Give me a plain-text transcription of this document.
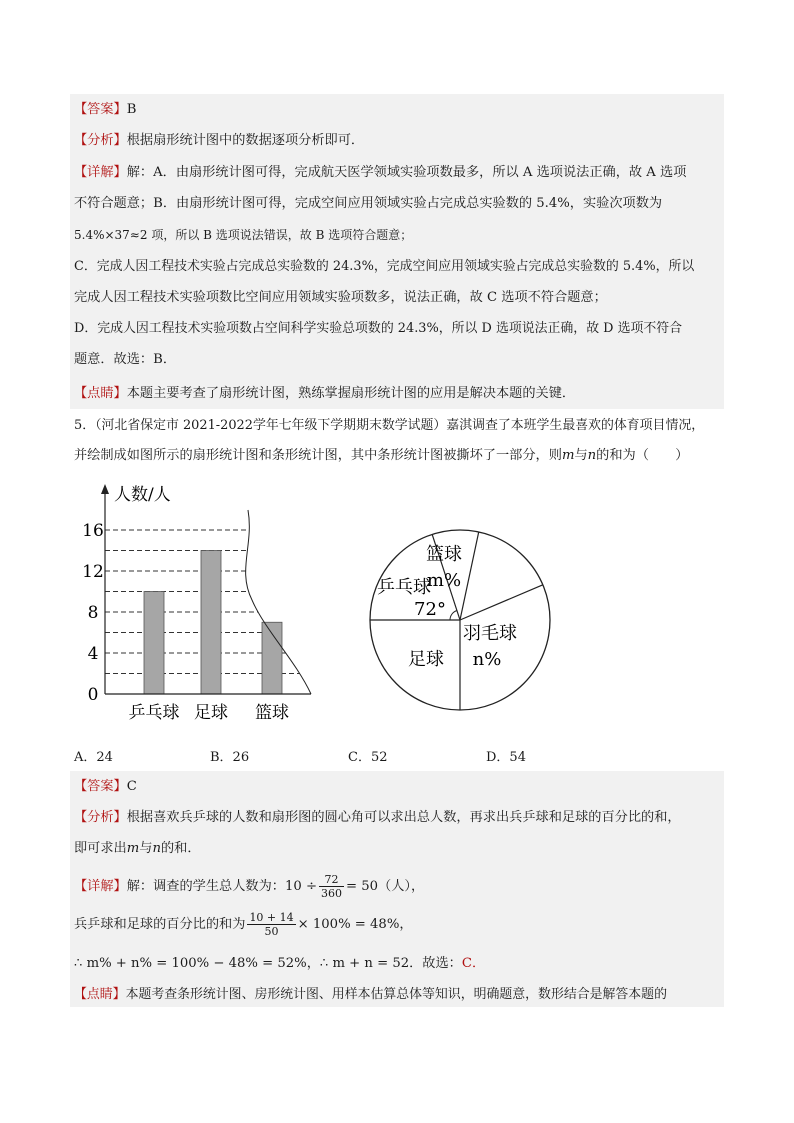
【答案】B
【分析】根据扇形统计图中的数据逐项分析即可．
【详解】解：A．由扇形统计图可得，完成航天医学领域实验项数最多，所以 A 选项说法正确，故 A 选项
不符合题意；B．由扇形统计图可得，完成空间应用领域实验占完成总实验数的 5.4%，实验次项数为
5.4%×37≈2 项，所以 B 选项说法错误，故 B 选项符合题意；
C．完成人因工程技术实验占完成总实验数的 24.3%，完成空间应用领域实验占完成总实验数的 5.4%，所以
完成人因工程技术实验项数比空间应用领域实验项数多，说法正确，故 C 选项不符合题意；
D．完成人因工程技术实验项数占空间科学实验总项数的 24.3%，所以 D 选项说法正确，故 D 选项不符合
题意．故选：B．
【点睛】本题主要考查了扇形统计图，熟练掌握扇形统计图的应用是解决本题的关键．
5．（河北省保定市 2021-2022学年七年级下学期期末数学试题）嘉淇调查了本班学生最喜欢的体育项目情况，
并绘制成如图所示的扇形统计图和条形统计图，其中条形统计图被撕坏了一部分，则m与n的和为（　　）
人数/人
0
4
8
12
16
乒乓球 足球 篮球
篮球
m%
羽毛球
n%
足球
乒乓球
72°
A．24	B．26	C．52	D．54
【答案】C
【分析】根据喜欢兵乒球的人数和扇形图的圆心角可以求出总人数，再求出兵乒球和足球的百分比的和，
即可求出m与n的和．
【详解】解：调查的学生总人数为：$10 \div \frac{72}{360} = 50$（人），
兵乒球和足球的百分比的和为 $\frac{10 + 14}{50} \times 100\% = 48\%$，
∴ m% + n% = 100% − 48% = 52%，∴ m + n = 52．故选：C．
【点睛】本题考查条形统计图、房形统计图、用样本估算总体等知识，明确题意，数形结合是解答本题的
